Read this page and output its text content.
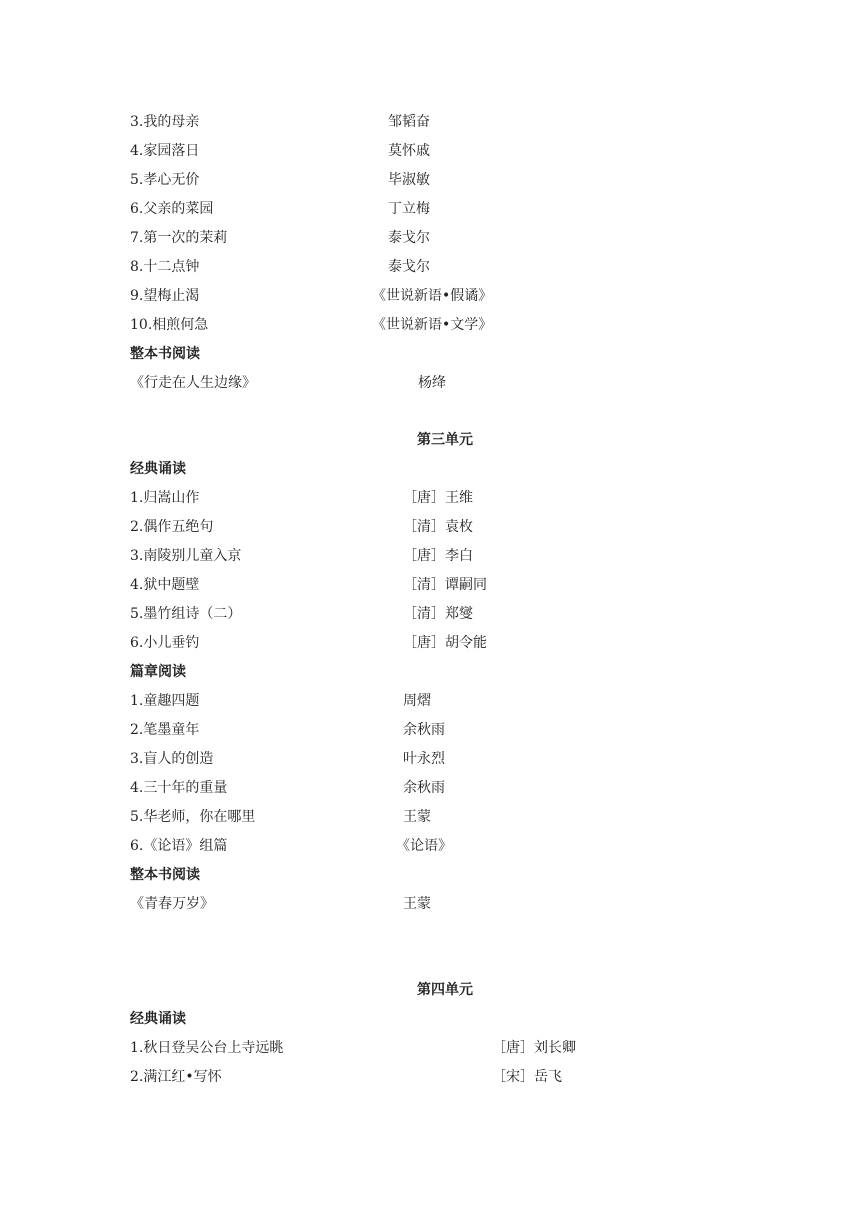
3.我的母亲	邹韬奋
4.家园落日	莫怀戚
5.孝心无价	毕淑敏
6.父亲的菜园	丁立梅
7.第一次的茉莉	泰戈尔
8.十二点钟	泰戈尔
9.望梅止渴	《世说新语•假谲》
10.相煎何急	《世说新语•文学》
整本书阅读
《行走在人生边缘》	杨绛
第三单元
经典诵读
1.归嵩山作	［唐］王维
2.偶作五绝句	［清］袁枚
3.南陵别儿童入京	［唐］李白
4.狱中题壁	［清］谭嗣同
5.墨竹组诗（二）	［清］郑燮
6.小儿垂钓	［唐］胡令能
篇章阅读
1.童趣四题	周熠
2.笔墨童年	余秋雨
3.盲人的创造	叶永烈
4.三十年的重量	余秋雨
5.华老师，你在哪里	王蒙
6.《论语》组篇	《论语》
整本书阅读
《青春万岁》	王蒙
第四单元
经典诵读
1.秋日登吴公台上寺远眺	［唐］刘长卿
2.满江红•写怀	［宋］岳飞
